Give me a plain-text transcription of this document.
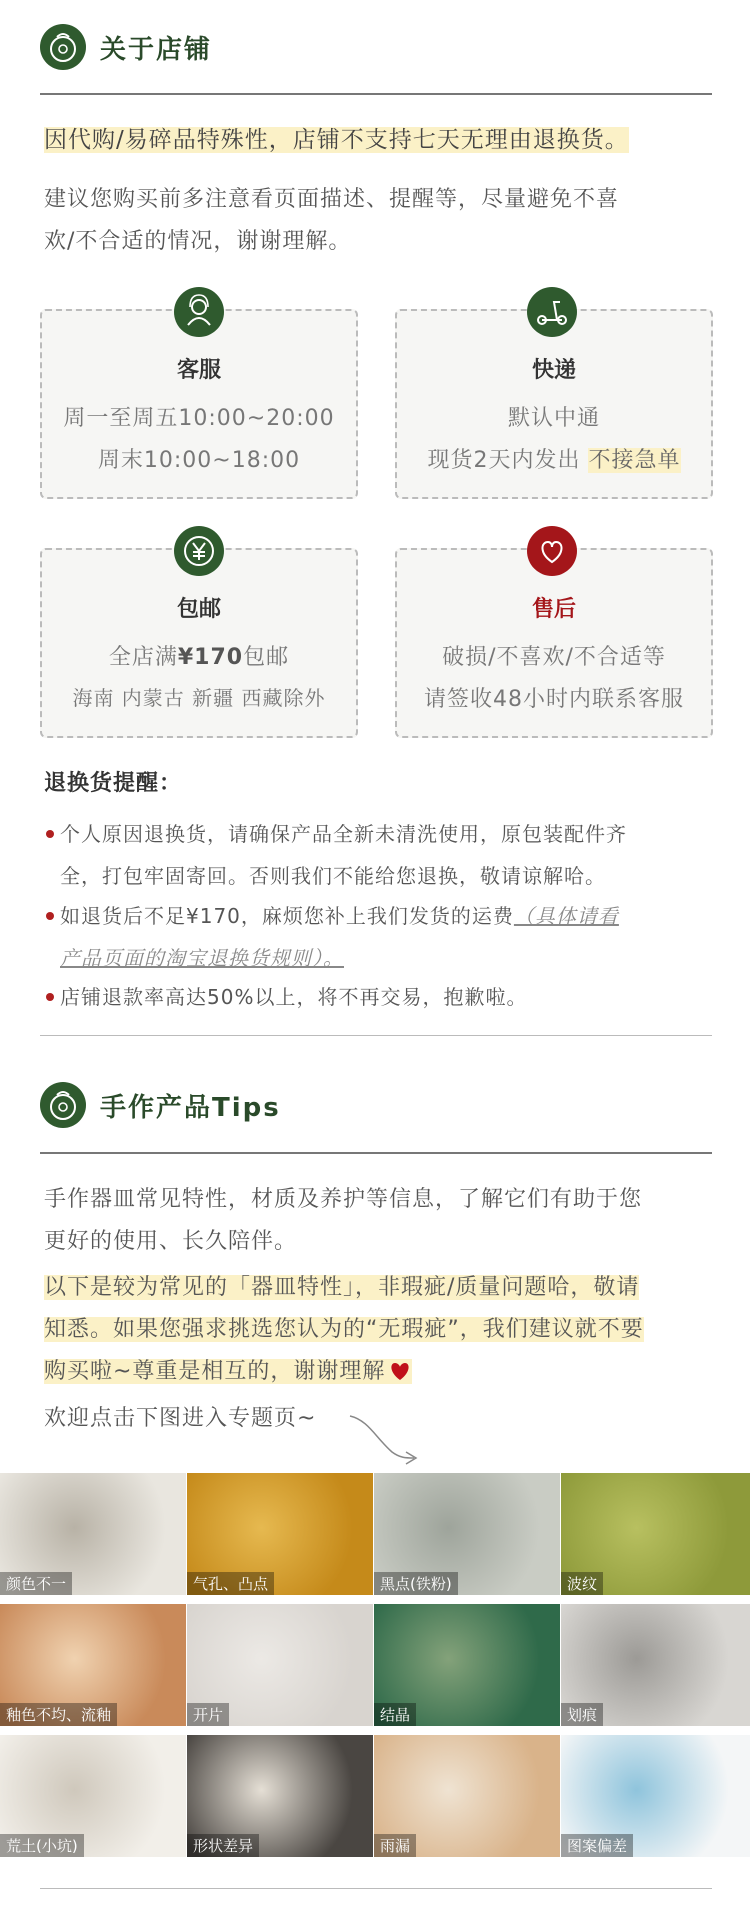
关于店铺
因代购/易碎品特殊性，店铺不支持七天无理由退换货。
建议您购买前多注意看页面描述、提醒等，尽量避免不喜
欢/不合适的情况，谢谢理解。
客服
周一至周五10:00~20:00
周末10:00~18:00
快递
默认中通
现货2天内发出 不接急单
包邮
全店满¥170包邮
海南 内蒙古 新疆 西藏除外
售后
破损/不喜欢/不合适等
请签收48小时内联系客服
退换货提醒：
个人原因退换货，请确保产品全新未清洗使用，原包装配件齐
全，打包牢固寄回。否则我们不能给您退换，敬请谅解哈。
如退货后不足¥170，麻烦您补上我们发货的运费（具体请看
产品页面的淘宝退换货规则）。
店铺退款率高达50%以上，将不再交易，抱歉啦。
手作产品Tips
手作器皿常见特性，材质及养护等信息，了解它们有助于您
更好的使用、长久陪伴。
以下是较为常见的「器皿特性」，非瑕疵/质量问题哈，敬请
知悉。如果您强求挑选您认为的“无瑕疵”，我们建议就不要
购买啦~尊重是相互的，谢谢理解
欢迎点击下图进入专题页~
颜色不一	气孔、凸点	黑点(铁粉)	波纹
釉色不均、流釉	开片	结晶	划痕
荒土(小坑)	形状差异	雨漏	图案偏差
